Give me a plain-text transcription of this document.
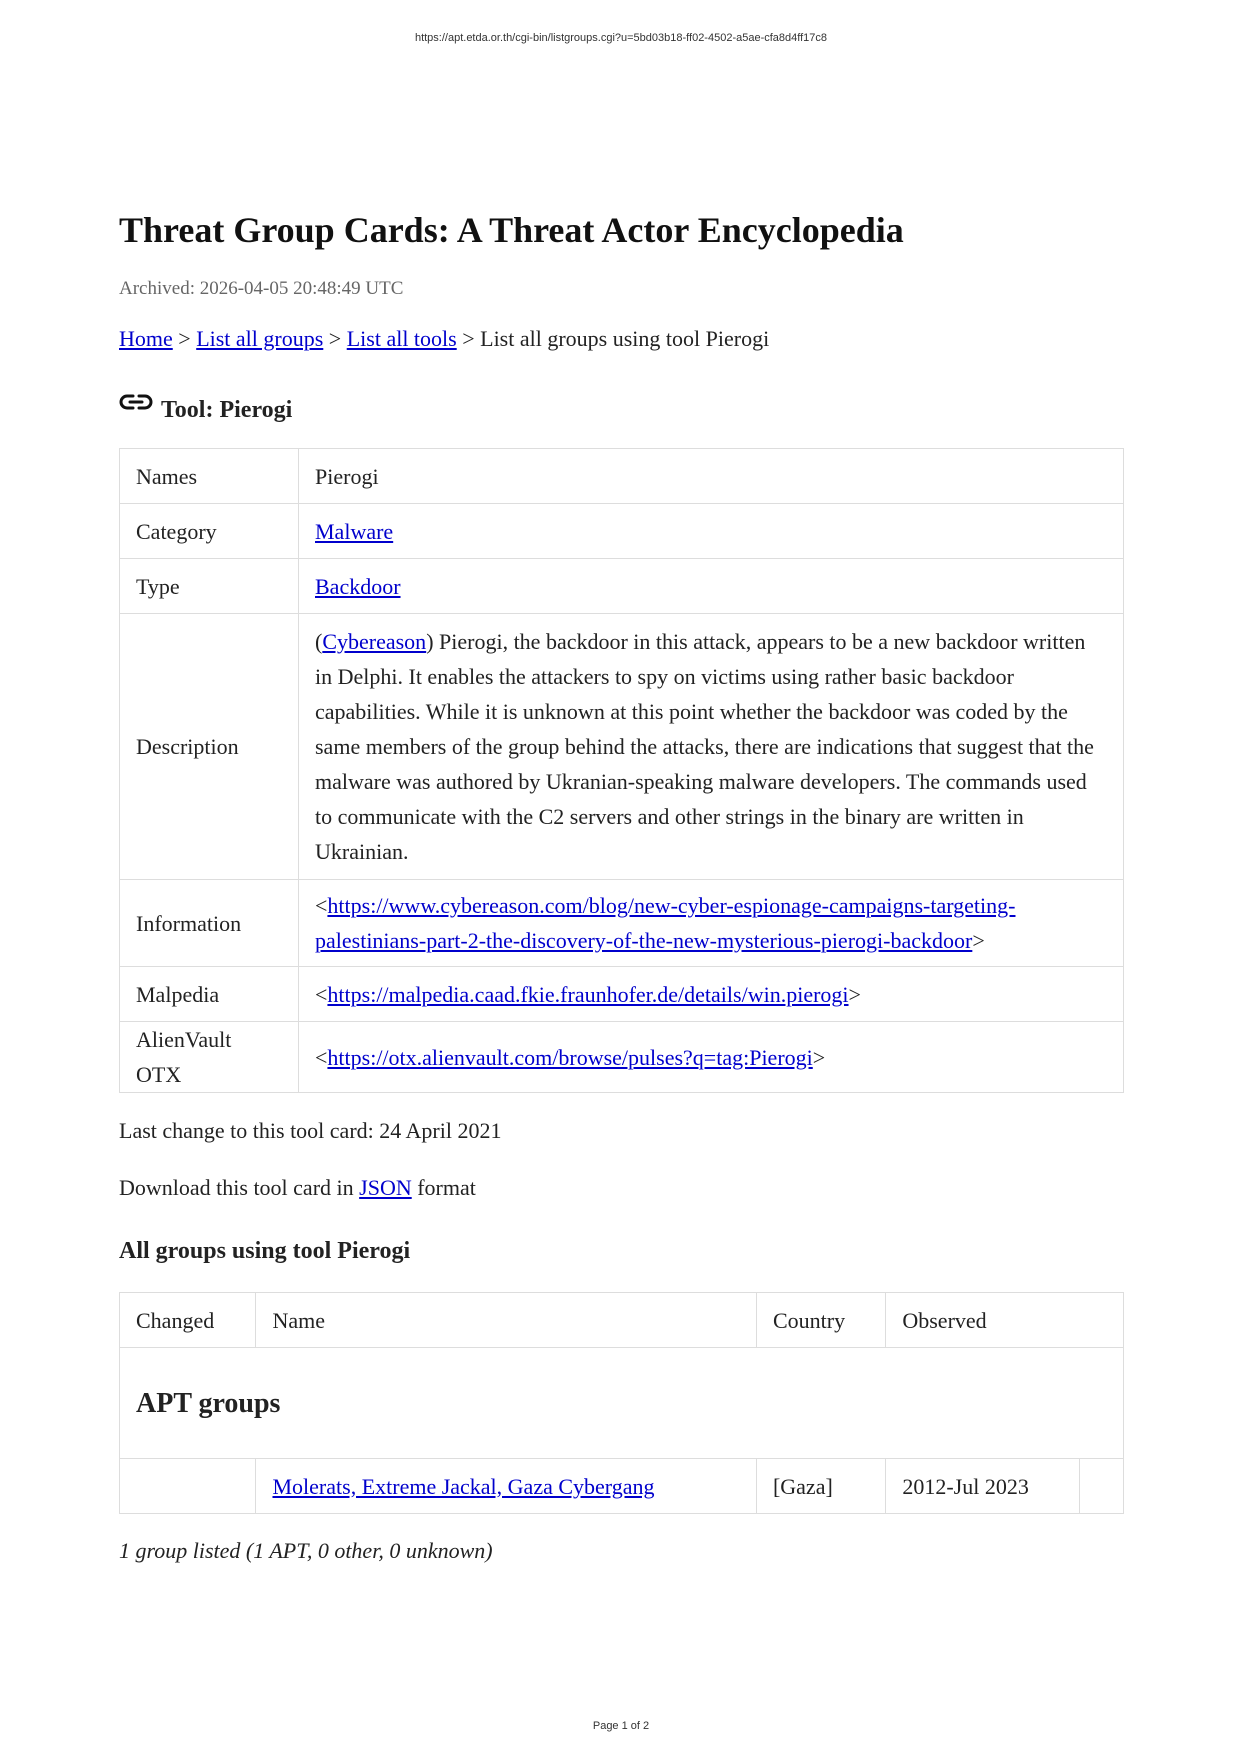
https://apt.etda.or.th/cgi-bin/listgroups.cgi?u=5bd03b18-ff02-4502-a5ae-cfa8d4ff17c8
Threat Group Cards: A Threat Actor Encyclopedia
Archived: 2026-04-05 20:48:49 UTC
Home > List all groups > List all tools > List all groups using tool Pierogi
Tool: Pierogi
Names	Pierogi
Category	Malware
Type	Backdoor
Description	(Cybereason) Pierogi, the backdoor in this attack, appears to be a new backdoor written in Delphi. It enables the attackers to spy on victims using rather basic backdoor capabilities. While it is unknown at this point whether the backdoor was coded by the same members of the group behind the attacks, there are indications that suggest that the malware was authored by Ukranian-speaking malware developers. The commands used to communicate with the C2 servers and other strings in the binary are written in Ukrainian.
Information	<https://www.cybereason.com/blog/new-cyber-espionage-campaigns-targeting-palestinians-part-2-the-discovery-of-the-new-mysterious-pierogi-backdoor>
Malpedia	<https://malpedia.caad.fkie.fraunhofer.de/details/win.pierogi>
AlienVault OTX	<https://otx.alienvault.com/browse/pulses?q=tag:Pierogi>
Last change to this tool card: 24 April 2021
Download this tool card in JSON format
All groups using tool Pierogi
Changed	Name	Country	Observed	
APT groups				
	Molerats, Extreme Jackal, Gaza Cybergang	[Gaza]	2012-Jul 2023	
1 group listed (1 APT, 0 other, 0 unknown)
Page 1 of 2
